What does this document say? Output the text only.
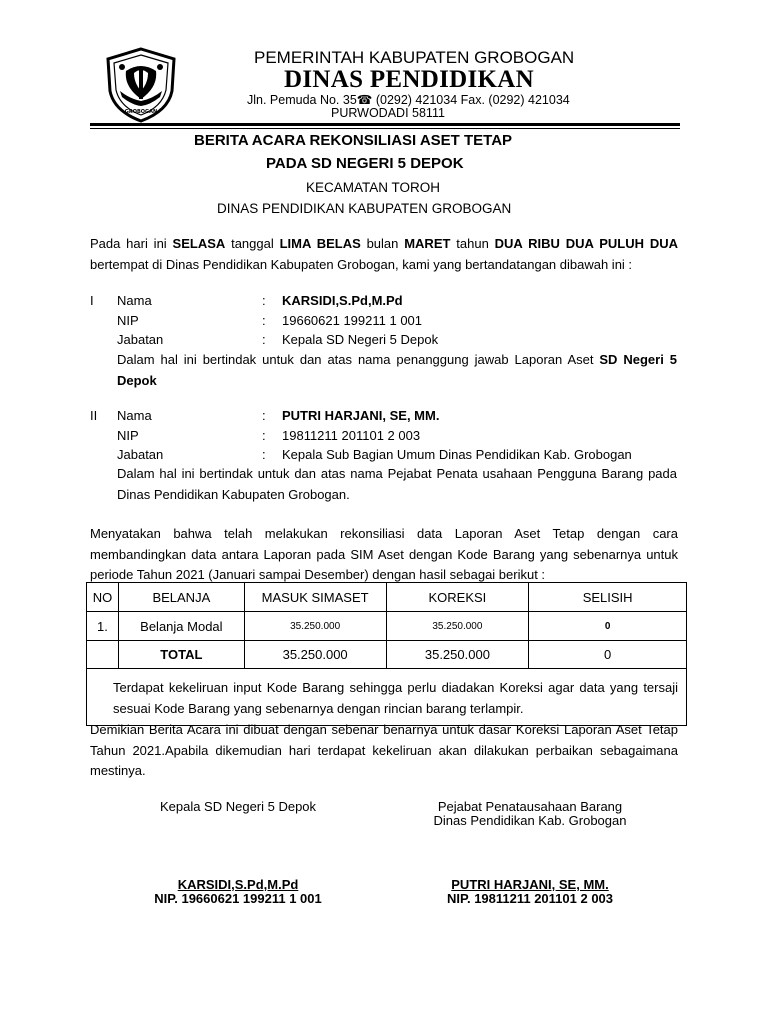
GROBOGAN
PEMERINTAH KABUPATEN GROBOGAN
DINAS PENDIDIKAN
Jln. Pemuda No. 35☎ (0292) 421034 Fax. (0292) 421034
PURWODADI 58111
BERITA ACARA REKONSILIASI ASET TETAP
PADA SD NEGERI 5 DEPOK
KECAMATAN TOROH
DINAS PENDIDIKAN KABUPATEN GROBOGAN
Pada hari ini SELASA tanggal LIMA BELAS bulan MARET tahun DUA RIBU DUA PULUH DUA bertempat di Dinas Pendidikan Kabupaten Grobogan, kami yang bertandatangan dibawah ini :
I Nama	: KARSIDI,S.Pd,M.Pd
NIP	: 19660621 199211 1 001
Jabatan	: Kepala SD Negeri 5 Depok
Dalam hal ini bertindak untuk dan atas nama penanggung jawab Laporan Aset SD Negeri 5 Depok
II Nama	: PUTRI HARJANI, SE, MM.
NIP	: 19811211 201101 2 003
Jabatan	: Kepala Sub Bagian Umum Dinas Pendidikan Kab. Grobogan
Dalam hal ini bertindak untuk dan atas nama Pejabat Penata usahaan Pengguna Barang pada Dinas Pendidikan Kabupaten Grobogan.
Menyatakan bahwa telah melakukan rekonsiliasi data Laporan Aset Tetap dengan cara membandingkan data antara Laporan pada SIM Aset dengan Kode Barang yang sebenarnya untuk periode Tahun 2021 (Januari sampai Desember) dengan hasil sebagai berikut :
NO	BELANJA	MASUK SIMASET	KOREKSI	SELISIH
1.	Belanja Modal	35.250.000	35.250.000	0
	TOTAL	35.250.000	35.250.000	0

Terdapat kekeliruan input Kode Barang sehingga perlu diadakan Koreksi agar data yang tersaji sesuai Kode Barang yang sebenarnya dengan rincian barang terlampir.				
Demikian Berita Acara ini dibuat dengan sebenar benarnya untuk dasar Koreksi Laporan Aset Tetap Tahun 2021.Apabila dikemudian hari terdapat kekeliruan akan dilakukan perbaikan sebagaimana mestinya.
Kepala SD Negeri 5 Depok	Pejabat Penatausahaan Barang
Dinas Pendidikan Kab. Grobogan
KARSIDI,S.Pd,M.Pd
NIP. 19660621 199211 1 001
PUTRI HARJANI, SE, MM.
NIP. 19811211 201101 2 003
